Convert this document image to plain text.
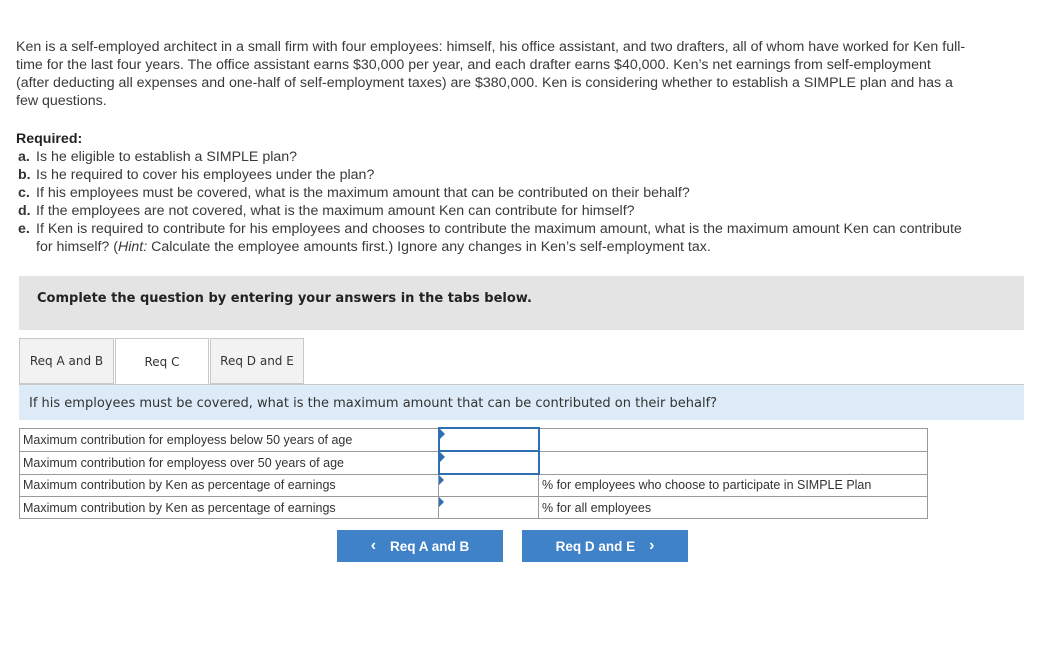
Ken is a self-employed architect in a small firm with four employees: himself, his office assistant, and two drafters, all of whom have worked for Ken full-time for the last four years. The office assistant earns $30,000 per year, and each drafter earns $40,000. Ken’s net earnings from self-employment (after deducting all expenses and one-half of self-employment taxes) are $380,000. Ken is considering whether to establish a SIMPLE plan and has a few questions.
Required:
a. Is he eligible to establish a SIMPLE plan?
b. Is he required to cover his employees under the plan?
c. If his employees must be covered, what is the maximum amount that can be contributed on their behalf?
d. If the employees are not covered, what is the maximum amount Ken can contribute for himself?
e. If Ken is required to contribute for his employees and chooses to contribute the maximum amount, what is the maximum amount Ken can contribute for himself? (Hint: Calculate the employee amounts first.) Ignore any changes in Ken’s self-employment tax.
Complete the question by entering your answers in the tabs below.
Req A and B	Req C	Req D and E
If his employees must be covered, what is the maximum amount that can be contributed on their behalf?
Maximum contribution for employess below 50 years of age	

Maximum contribution for employess over 50 years of age	

Maximum contribution by Ken as percentage of earnings		% for employees who choose to participate in SIMPLE Plan
Maximum contribution by Ken as percentage of earnings		% for all employees
‹ Req A and B	Req D and E ›
